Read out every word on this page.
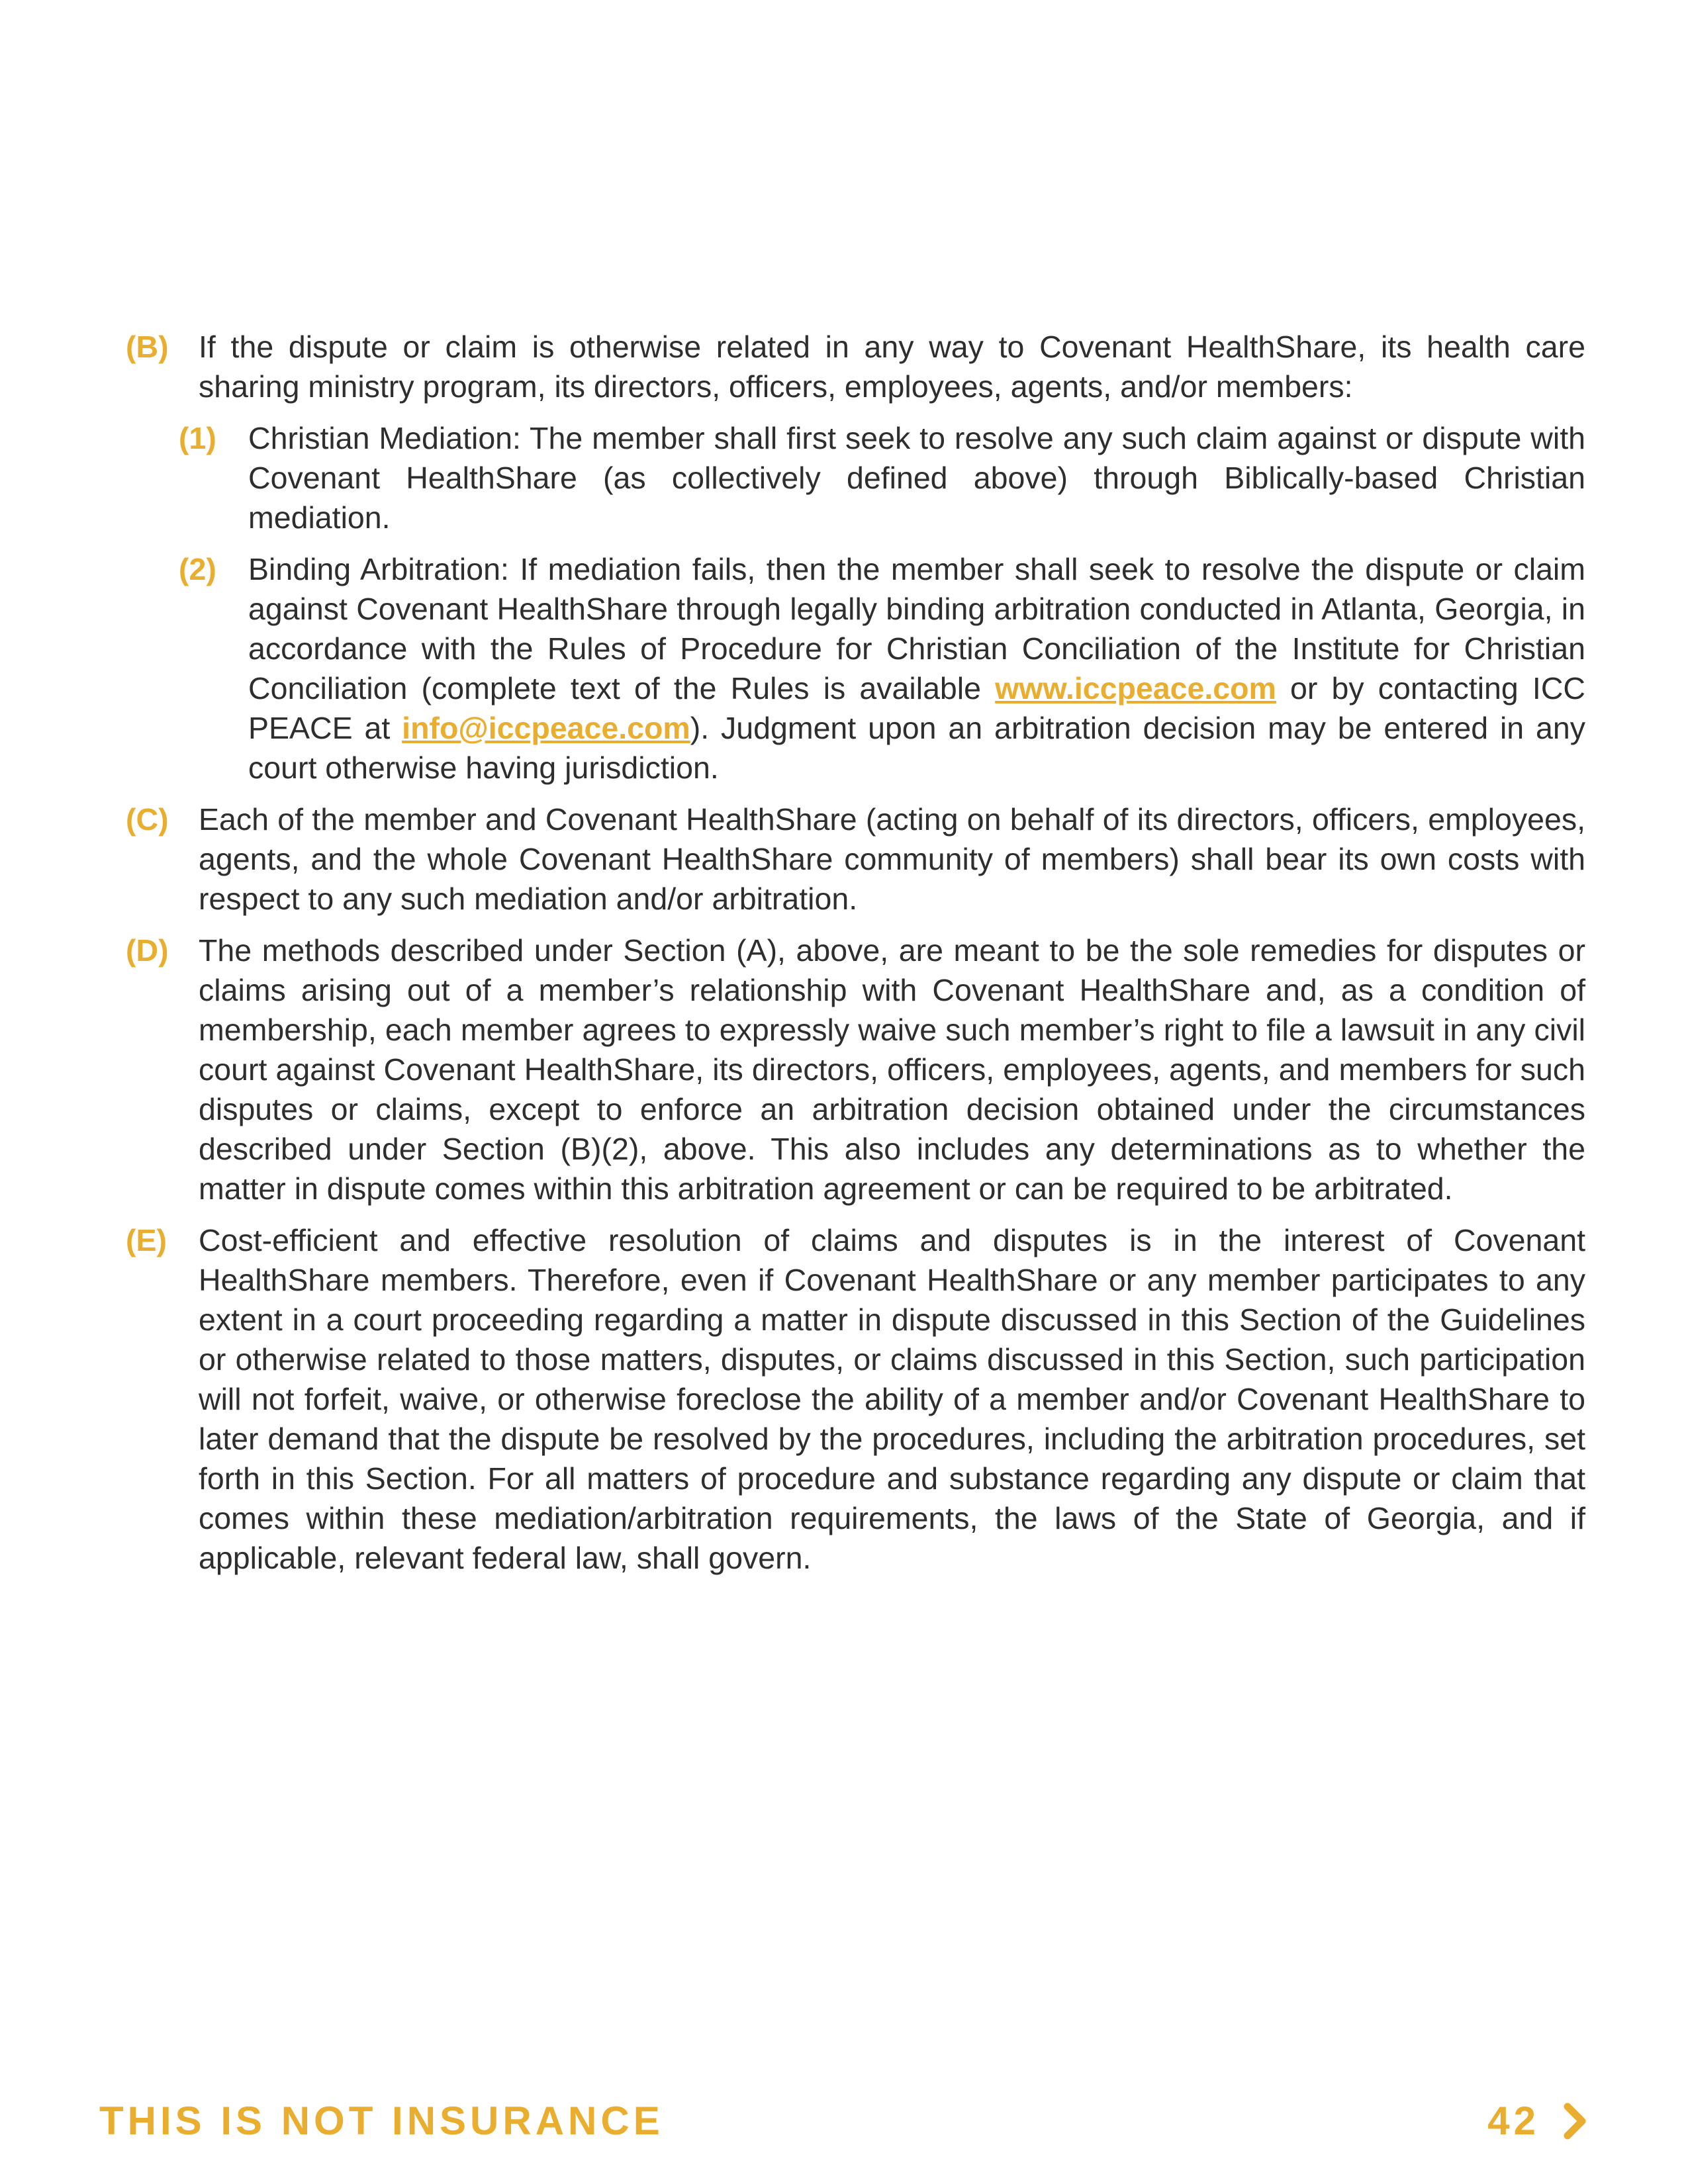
(B) If the dispute or claim is otherwise related in any way to Covenant HealthShare, its health care sharing ministry program, its directors, officers, employees, agents, and/or members:
(1) Christian Mediation: The member shall first seek to resolve any such claim against or dispute with Covenant HealthShare (as collectively defined above) through Biblically-based Christian mediation.
(2) Binding Arbitration: If mediation fails, then the member shall seek to resolve the dispute or claim against Covenant HealthShare through legally binding arbitration conducted in Atlanta, Georgia, in accordance with the Rules of Procedure for Christian Conciliation of the Institute for Christian Conciliation (complete text of the Rules is available www.iccpeace.com or by contacting ICC PEACE at info@iccpeace.com). Judgment upon an arbitration decision may be entered in any court otherwise having jurisdiction.
(C) Each of the member and Covenant HealthShare (acting on behalf of its directors, officers, employees, agents, and the whole Covenant HealthShare community of members) shall bear its own costs with respect to any such mediation and/or arbitration.
(D) The methods described under Section (A), above, are meant to be the sole remedies for disputes or claims arising out of a member’s relationship with Covenant HealthShare and, as a condition of membership, each member agrees to expressly waive such member’s right to file a lawsuit in any civil court against Covenant HealthShare, its directors, officers, employees, agents, and members for such disputes or claims, except to enforce an arbitration decision obtained under the circumstances described under Section (B)(2), above. This also includes any determinations as to whether the matter in dispute comes within this arbitration agreement or can be required to be arbitrated.
(E) Cost-efficient and effective resolution of claims and disputes is in the interest of Covenant HealthShare members. Therefore, even if Covenant HealthShare or any member participates to any extent in a court proceeding regarding a matter in dispute discussed in this Section of the Guidelines or otherwise related to those matters, disputes, or claims discussed in this Section, such participation will not forfeit, waive, or otherwise foreclose the ability of a member and/or Covenant HealthShare to later demand that the dispute be resolved by the procedures, including the arbitration procedures, set forth in this Section. For all matters of procedure and substance regarding any dispute or claim that comes within these mediation/arbitration requirements, the laws of the State of Georgia, and if applicable, relevant federal law, shall govern.
THIS IS NOT INSURANCE	42
